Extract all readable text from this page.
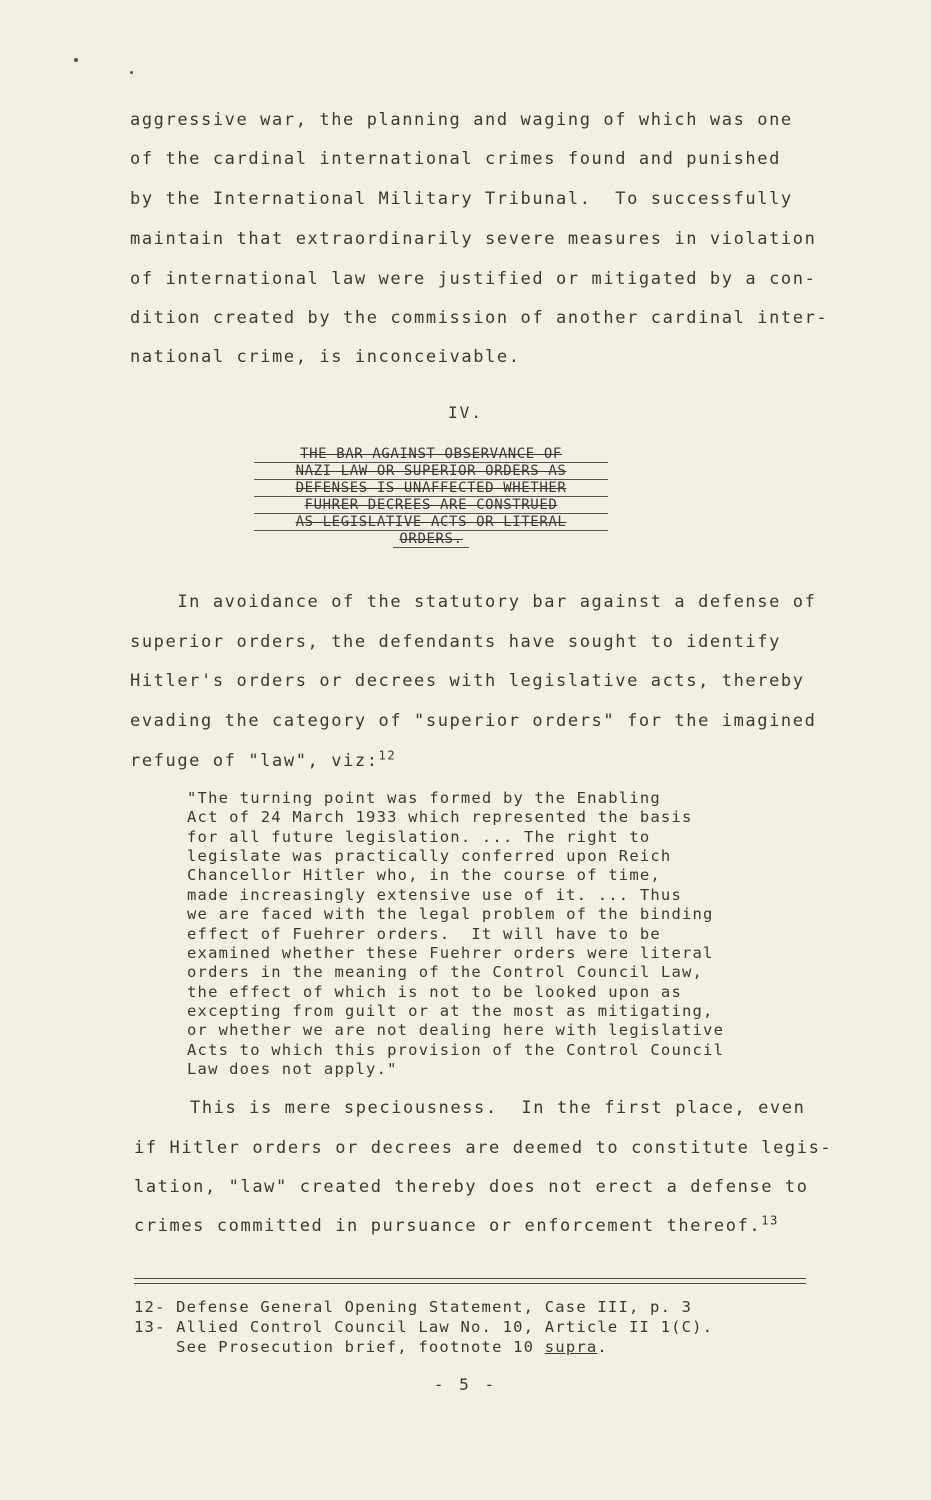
aggressive war, the planning and waging of which was one
of the cardinal international crimes found and punished
by the International Military Tribunal.  To successfully
maintain that extraordinarily severe measures in violation
of international law were justified or mitigated by a con-
dition created by the commission of another cardinal inter-
national crime, is inconceivable.
IV.
THE BAR AGAINST OBSERVANCE OF
NAZI LAW OR SUPERIOR ORDERS AS
DEFENSES IS UNAFFECTED WHETHER
FUHRER DECREES ARE CONSTRUED
AS LEGISLATIVE ACTS OR LITERAL
ORDERS.
In avoidance of the statutory bar against a defense of
superior orders, the defendants have sought to identify
Hitler's orders or decrees with legislative acts, thereby
evading the category of "superior orders" for the imagined
refuge of "law", viz:$^{12}$
"The turning point was formed by the Enabling
Act of 24 March 1933 which represented the basis
for all future legislation. ... The right to
legislate was practically conferred upon Reich
Chancellor Hitler who, in the course of time,
made increasingly extensive use of it. ... Thus
we are faced with the legal problem of the binding
effect of Fuehrer orders.  It will have to be
examined whether these Fuehrer orders were literal
orders in the meaning of the Control Council Law,
the effect of which is not to be looked upon as
excepting from guilt or at the most as mitigating,
or whether we are not dealing here with legislative
Acts to which this provision of the Control Council
Law does not apply."
This is mere speciousness.  In the first place, even
if Hitler orders or decrees are deemed to constitute legis-
lation, "law" created thereby does not erect a defense to
crimes committed in pursuance or enforcement thereof.$^{13}$
12- Defense General Opening Statement, Case III, p. 3
13- Allied Control Council Law No. 10, Article II 1(C).
See Prosecution brief, footnote 10 supra.
- 5 -
